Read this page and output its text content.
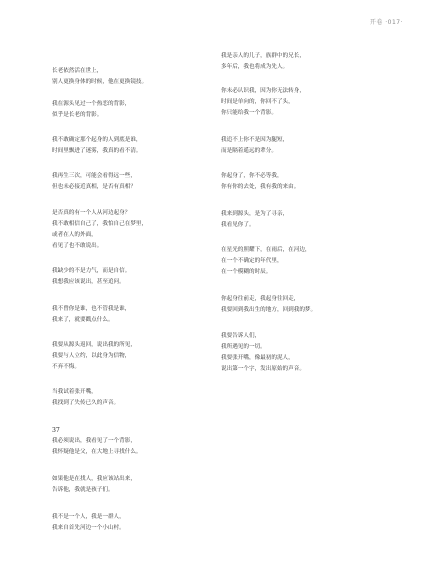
开卷 ·017·
长老依然活在世上，
别人更换身体的时候，他在更换镜技。
我在源头见过一个热恋的背影，
似乎是长老的背影。
我不敢确定那个起身的人到底是谁，
时间里飘进了迷雾，我真的看不清。
我再生三次，可能会看得远一些，
但也未必接近真相，是否有真相？
是否真的有一个人从河边起身？
我不敢相信自己了，我怕自己在梦里，
或者在人的外面，
看见了也不敢说出。
我缺少的不是力气，而是自信。
我想我应该说出，甚至追问。
我不曾你是谁，也不管我是谁，
我来了，就要戳点什么。
我要从源头返回，说出我的所见，
我要与人立约，以此身为信物，
不弃不悔。
当我试着张开嘴，
我找到了失传已久的声音。
37
我必须说出，我看见了一个背影，
我怀疑他是父，在大地上寻找什么。
如果他是在找人，我应该站出来，
告诉他，我就是孩子们。
我不是一个人，我是一群人，
我来自首先河边一个小山村。
我是亲人的儿子，族群中的兄长，
多年后，我也将成为先人。
你未必认识我，因为你无法转身，
时间是单向的，你回不了头，
你只能给我一个背影。
我追不上你不是因为腿短，
而是隔着遥远的辈分。
你起身了，你不必等我，
你有你的去处，我有我的来由。
我来到源头，是为了寻亲，
我看见你了。
在星光的照耀下，在雨后，在河边，
在一个不确定的年代里，
在一个模糊的时辰。
你起身往前走，我起身往回走，
我要回到我出生的地方，回到我的梦。
我要告诉人们，
我所遇见的一切。
我要张开嘴，像最初的泥人，
说出第一个字，发出原始的声音。
